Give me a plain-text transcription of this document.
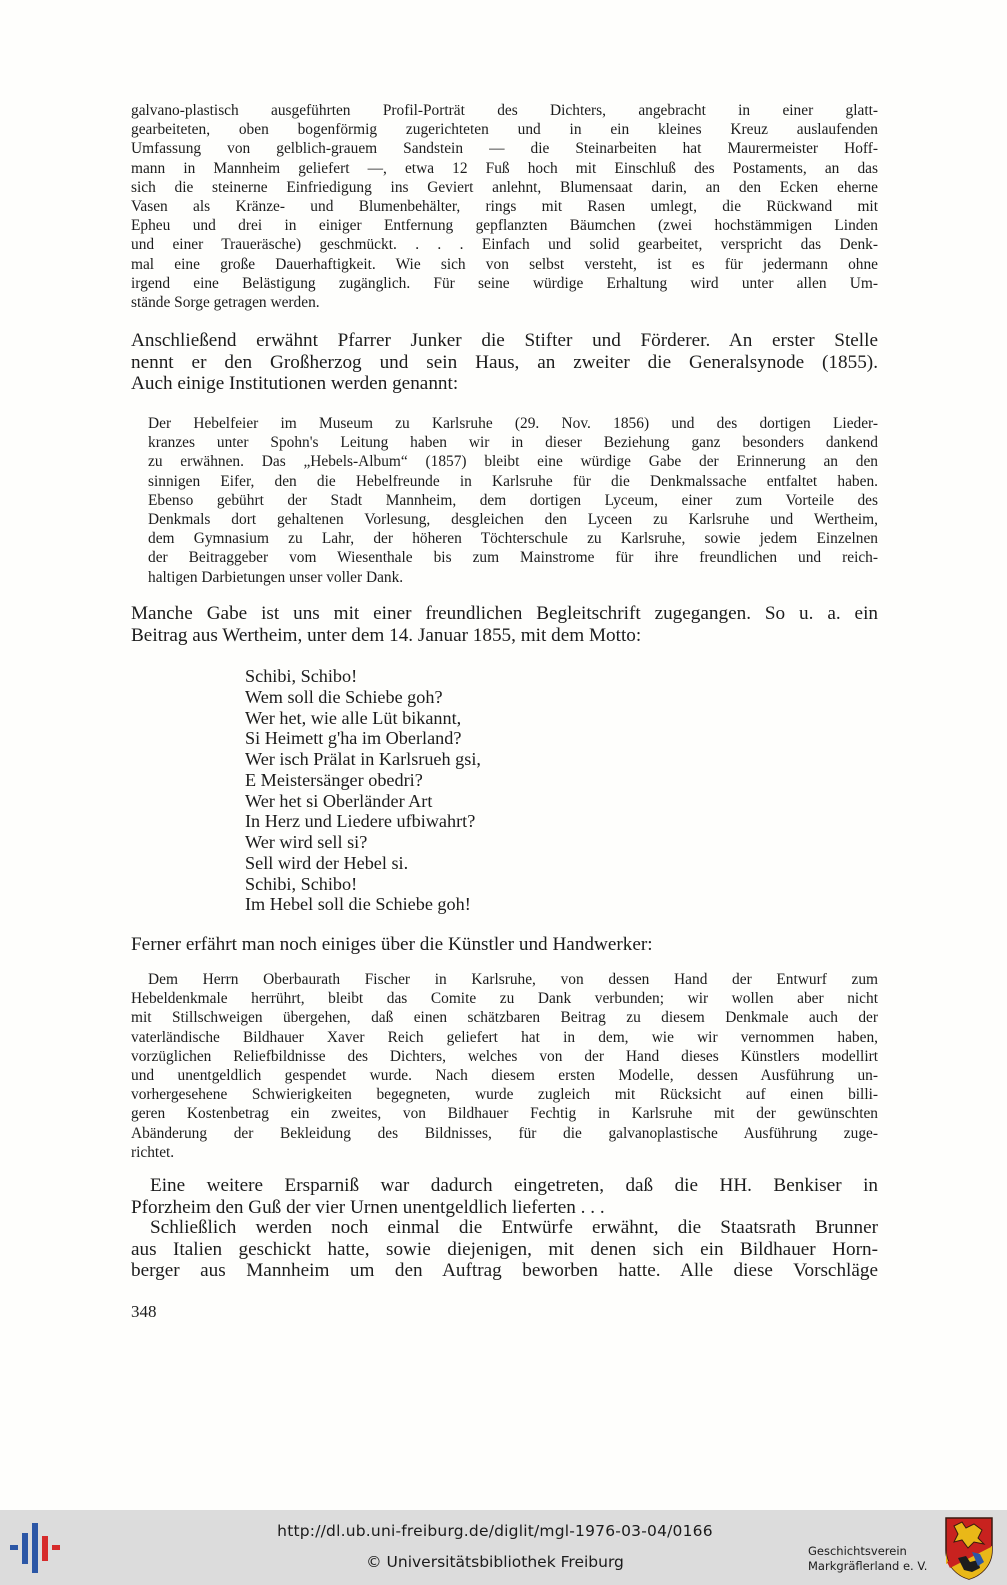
galvano-plastisch ausgeführten Profil-Porträt des Dichters, angebracht in einer glatt-
gearbeiteten, oben bogenförmig zugerichteten und in ein kleines Kreuz auslaufenden
Umfassung von gelblich-grauem Sandstein — die Steinarbeiten hat Maurermeister Hoff-
mann in Mannheim geliefert —, etwa 12 Fuß hoch mit Einschluß des Postaments, an das
sich die steinerne Einfriedigung ins Geviert anlehnt, Blumensaat darin, an den Ecken eherne
Vasen als Kränze- und Blumenbehälter, rings mit Rasen umlegt, die Rückwand mit
Epheu und drei in einiger Entfernung gepflanzten Bäumchen (zwei hochstämmigen Linden
und einer Traueräsche) geschmückt. . . . Einfach und solid gearbeitet, verspricht das Denk-
mal eine große Dauerhaftigkeit. Wie sich von selbst versteht, ist es für jedermann ohne
irgend eine Belästigung zugänglich. Für seine würdige Erhaltung wird unter allen Um-
stände Sorge getragen werden.
Anschließend erwähnt Pfarrer Junker die Stifter und Förderer. An erster Stelle
nennt er den Großherzog und sein Haus, an zweiter die Generalsynode (1855).
Auch einige Institutionen werden genannt:
Der Hebelfeier im Museum zu Karlsruhe (29. Nov. 1856) und des dortigen Lieder-
kranzes unter Spohn's Leitung haben wir in dieser Beziehung ganz besonders dankend
zu erwähnen. Das „Hebels-Album“ (1857) bleibt eine würdige Gabe der Erinnerung an den
sinnigen Eifer, den die Hebelfreunde in Karlsruhe für die Denkmalssache entfaltet haben.
Ebenso gebührt der Stadt Mannheim, dem dortigen Lyceum, einer zum Vorteile des
Denkmals dort gehaltenen Vorlesung, desgleichen den Lyceen zu Karlsruhe und Wertheim,
dem Gymnasium zu Lahr, der höheren Töchterschule zu Karlsruhe, sowie jedem Einzelnen
der Beitraggeber vom Wiesenthale bis zum Mainstrome für ihre freundlichen und reich-
haltigen Darbietungen unser voller Dank.
Manche Gabe ist uns mit einer freundlichen Begleitschrift zugegangen. So u. a. ein
Beitrag aus Wertheim, unter dem 14. Januar 1855, mit dem Motto:
Ferner erfährt man noch einiges über die Künstler und Handwerker:
Dem Herrn Oberbaurath Fischer in Karlsruhe, von dessen Hand der Entwurf zum
Hebeldenkmale herrührt, bleibt das Comite zu Dank verbunden; wir wollen aber nicht
mit Stillschweigen übergehen, daß einen schätzbaren Beitrag zu diesem Denkmale auch der
vaterländische Bildhauer Xaver Reich geliefert hat in dem, wie wir vernommen haben,
vorzüglichen Reliefbildnisse des Dichters, welches von der Hand dieses Künstlers modellirt
und unentgeldlich gespendet wurde. Nach diesem ersten Modelle, dessen Ausführung un-
vorhergesehene Schwierigkeiten begegneten, wurde zugleich mit Rücksicht auf einen billi-
geren Kostenbetrag ein zweites, von Bildhauer Fechtig in Karlsruhe mit der gewünschten
Abänderung der Bekleidung des Bildnisses, für die galvanoplastische Ausführung zuge-
richtet.
Eine weitere Ersparniß war dadurch eingetreten, daß die HH. Benkiser in
Pforzheim den Guß der vier Urnen unentgeldlich lieferten . . .
Schließlich werden noch einmal die Entwürfe erwähnt, die Staatsrath Brunner
aus Italien geschickt hatte, sowie diejenigen, mit denen sich ein Bildhauer Horn-
berger aus Mannheim um den Auftrag beworben hatte. Alle diese Vorschläge
Schibi, Schibo!
Wem soll die Schiebe goh?
Wer het, wie alle Lüt bikannt,
Si Heimett g'ha im Oberland?
Wer isch Prälat in Karlsrueh gsi,
E Meistersänger obedri?
Wer het si Oberländer Art
In Herz und Liedere ufbiwahrt?
Wer wird sell si?
Sell wird der Hebel si.
Schibi, Schibo!
Im Hebel soll die Schiebe goh!
348
http://dl.ub.uni-freiburg.de/diglit/mgl-1976-03-04/0166
© Universitätsbibliothek Freiburg
Geschichtsverein
Markgräflerland e. V.
